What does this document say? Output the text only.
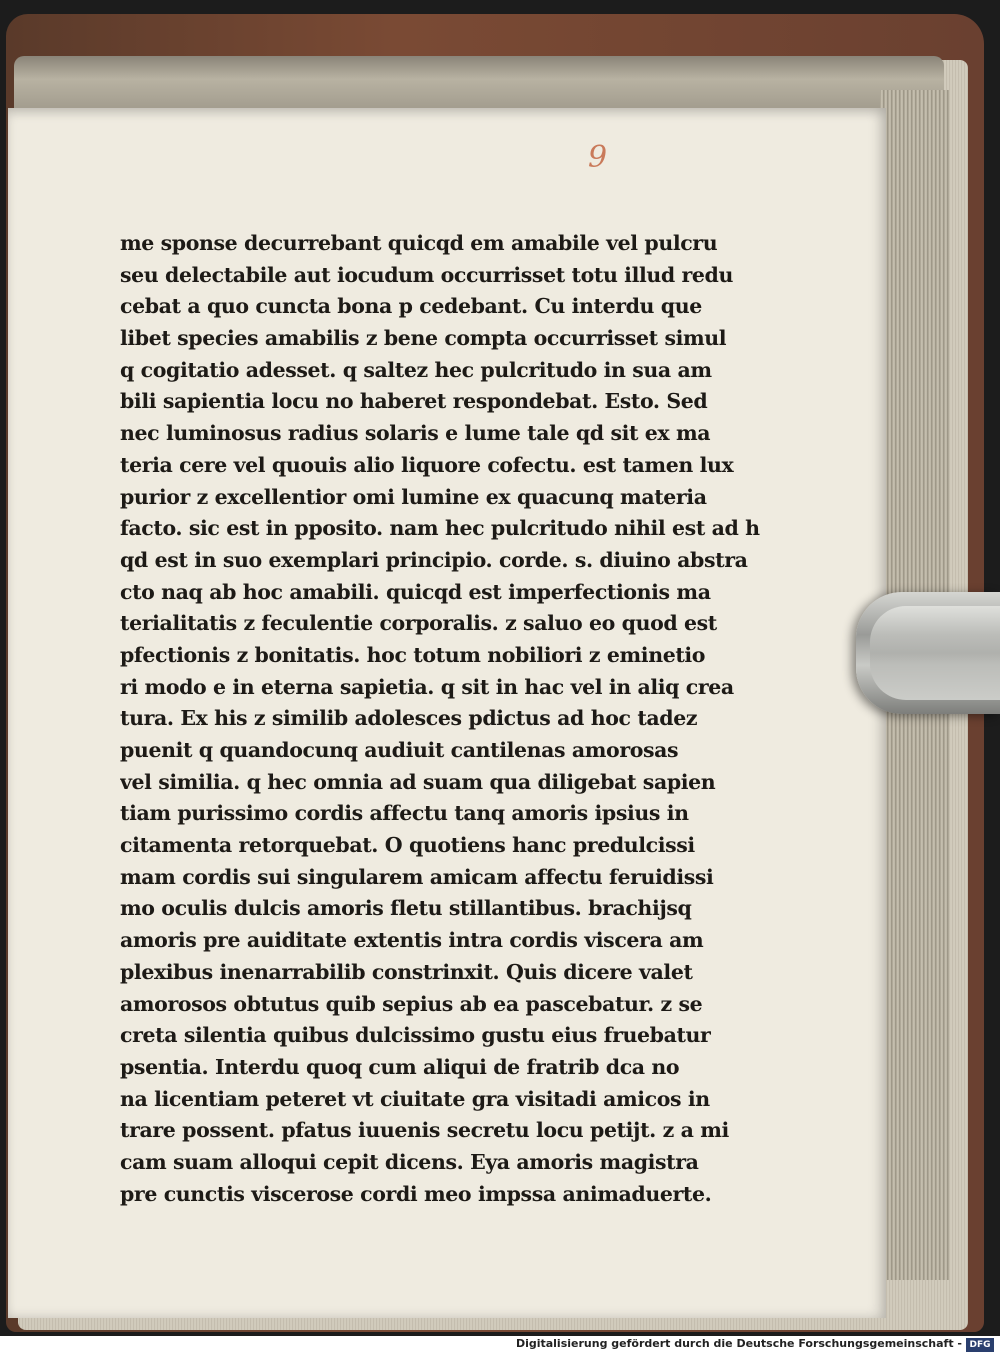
9
me sponse decurrebant quicqd em amabile vel pulcru
seu delectabile aut iocudum occurrisset totu illud redu
cebat a quo cuncta bona p cedebant. Cu interdu que
libet species amabilis z bene compta occurrisset simul
q cogitatio adesset. q saltez hec pulcritudo in sua am
bili sapientia locu no haberet respondebat. Esto. Sed
nec luminosus radius solaris e lume tale qd sit ex ma
teria cere vel quouis alio liquore cofectu. est tamen lux
purior z excellentior omi lumine ex quacunq materia
facto. sic est in pposito. nam hec pulcritudo nihil est ad h
qd est in suo exemplari principio. corde. s. diuino abstra
cto naq ab hoc amabili. quicqd est imperfectionis ma
terialitatis z feculentie corporalis. z saluo eo quod est
pfectionis z bonitatis. hoc totum nobiliori z eminetio
ri modo e in eterna sapietia. q sit in hac vel in aliq crea
tura. Ex his z similib adolesces pdictus ad hoc tadez
puenit q quandocunq audiuit cantilenas amorosas
vel similia. q hec omnia ad suam qua diligebat sapien
tiam purissimo cordis affectu tanq amoris ipsius in
citamenta retorquebat. O quotiens hanc predulcissi
mam cordis sui singularem amicam affectu feruidissi
mo oculis dulcis amoris fletu stillantibus. brachijsq
amoris pre auiditate extentis intra cordis viscera am
plexibus inenarrabilib constrinxit. Quis dicere valet
amorosos obtutus quib sepius ab ea pascebatur. z se
creta silentia quibus dulcissimo gustu eius fruebatur
psentia. Interdu quoq cum aliqui de fratrib dca no
na licentiam peteret vt ciuitate gra visitadi amicos in
trare possent. pfatus iuuenis secretu locu petijt. z a mi
cam suam alloqui cepit dicens. Eya amoris magistra
pre cunctis viscerose cordi meo impssa animaduerte.
Digitalisierung gefördert durch die Deutsche Forschungsgemeinschaft - DFG
